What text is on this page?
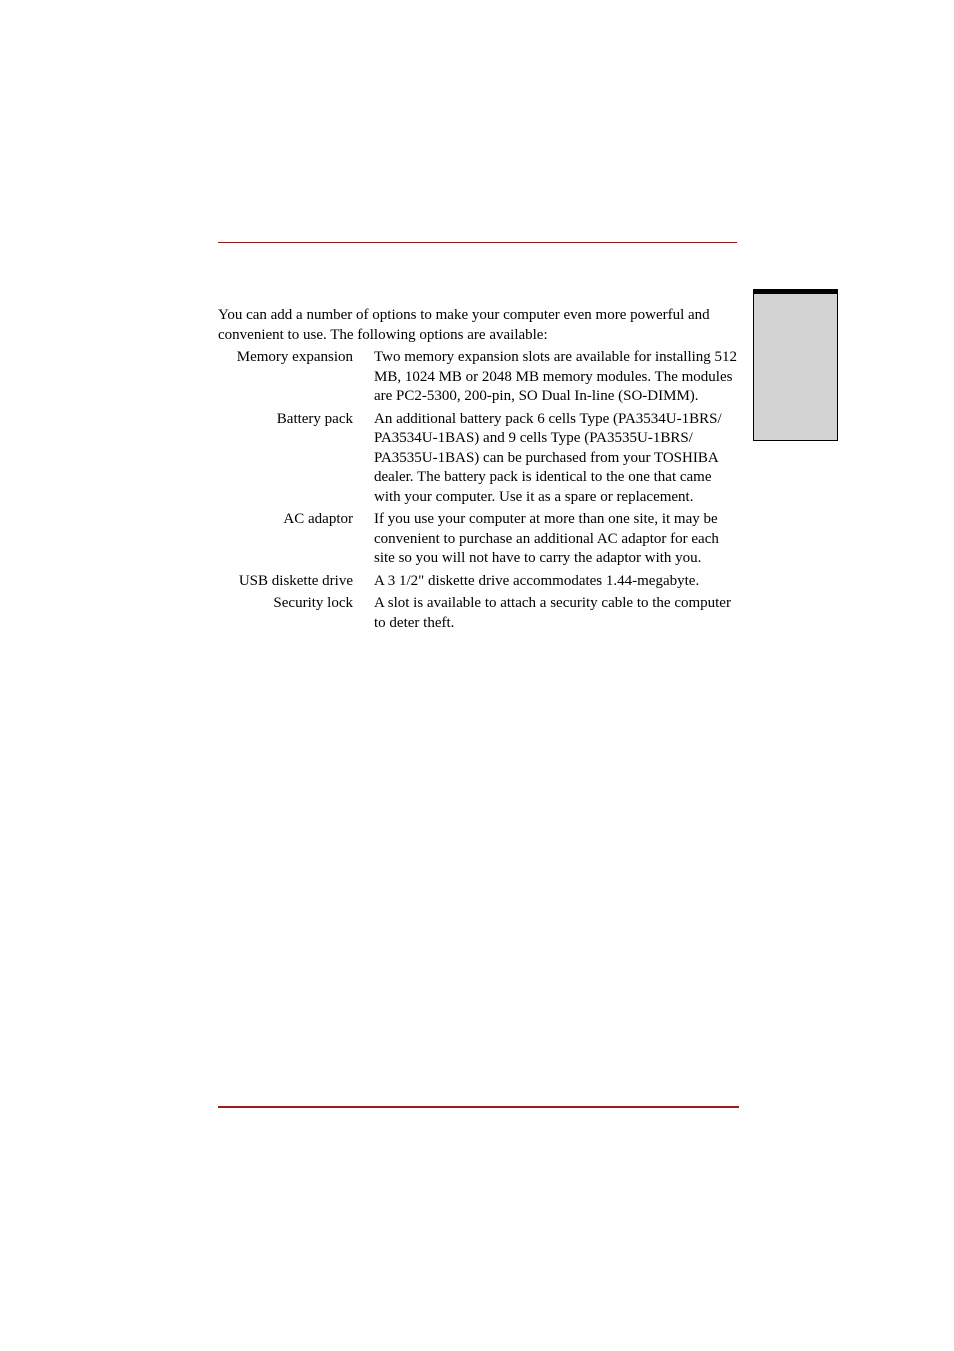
You can add a number of options to make your computer even more powerful and convenient to use. The following options are available:

Memory expansion Two memory expansion slots are available for installing 512 MB, 1024 MB or 2048 MB memory modules. The modules are PC2-5300, 200-pin, SO Dual In-line (SO-DIMM).
Battery pack An additional battery pack 6 cells Type (PA3534U-1BRS/ PA3534U-1BAS) and 9 cells Type (PA3535U-1BRS/ PA3535U-1BAS) can be purchased from your TOSHIBA dealer. The battery pack is identical to the one that came with your computer. Use it as a spare or replacement.
AC adaptor If you use your computer at more than one site, it may be convenient to purchase an additional AC adaptor for each site so you will not have to carry the adaptor with you.
USB diskette drive A 3 1/2" diskette drive accommodates 1.44-megabyte.
Security lock A slot is available to attach a security cable to the computer to deter theft.
